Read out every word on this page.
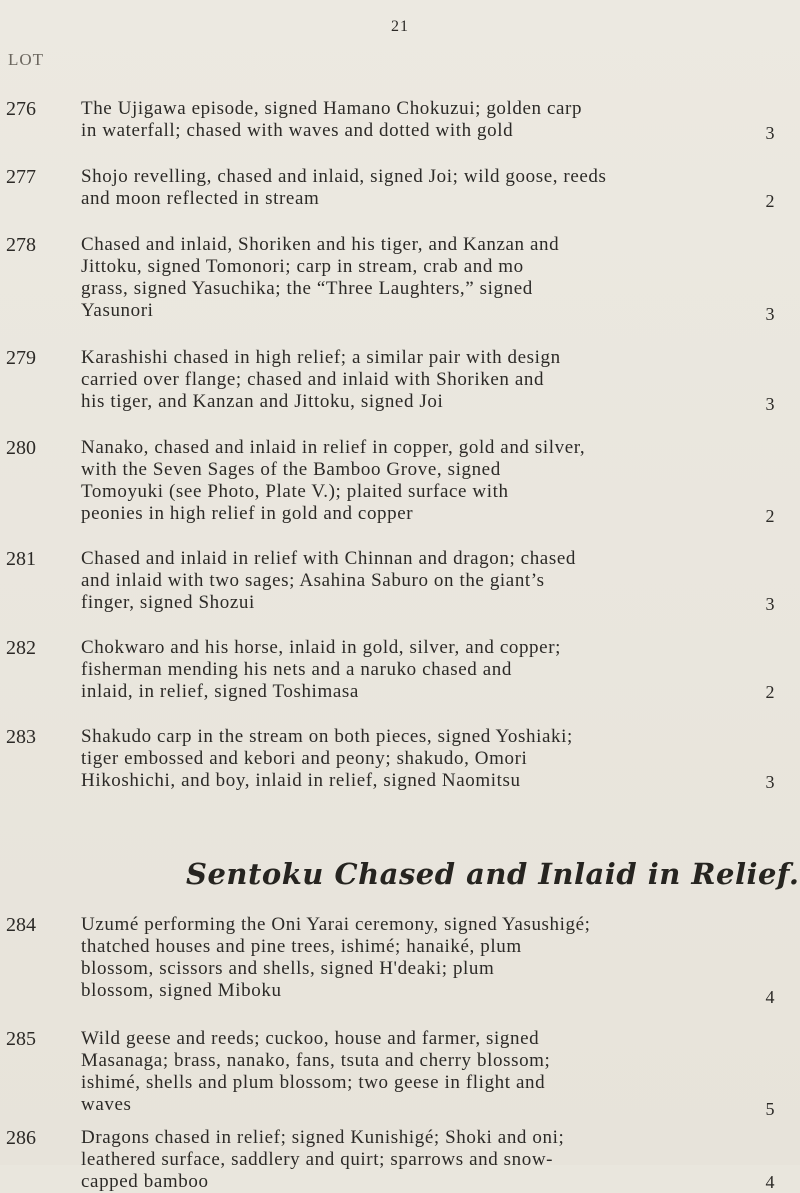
21
LOT
276 The Ujigawa episode, signed Hamano Chokuzui; golden carp
in waterfall; chased with waves and dotted with gold	3
277 Shojo revelling, chased and inlaid, signed Joi; wild goose, reeds
and moon reflected in stream	2
278 Chased and inlaid, Shoriken and his tiger, and Kanzan and
Jittoku, signed Tomonori; carp in stream, crab and mo
grass, signed Yasuchika; the “Three Laughters,” signed
Yasunori	3
279 Karashishi chased in high relief; a similar pair with design
carried over flange; chased and inlaid with Shoriken and
his tiger, and Kanzan and Jittoku, signed Joi	3
280 Nanako, chased and inlaid in relief in copper, gold and silver,
with the Seven Sages of the Bamboo Grove, signed
Tomoyuki (see Photo, Plate V.); plaited surface with
peonies in high relief in gold and copper	2
281 Chased and inlaid in relief with Chinnan and dragon; chased
and inlaid with two sages; Asahina Saburo on the giant’s
finger, signed Shozui	3
282 Chokwaro and his horse, inlaid in gold, silver, and copper;
fisherman mending his nets and a naruko chased and
inlaid, in relief, signed Toshimasa	2
283 Shakudo carp in the stream on both pieces, signed Yoshiaki;
tiger embossed and kebori and peony; shakudo, Omori
Hikoshichi, and boy, inlaid in relief, signed Naomitsu	3
Sentoku Chased and Inlaid in Relief.
284 Uzumé performing the Oni Yarai ceremony, signed Yasushigé;
thatched houses and pine trees, ishimé; hanaiké, plum
blossom, scissors and shells, signed H'deaki; plum
blossom, signed Miboku	4
285 Wild geese and reeds; cuckoo, house and farmer, signed
Masanaga; brass, nanako, fans, tsuta and cherry blossom;
ishimé, shells and plum blossom; two geese in flight and
waves	5
286 Dragons chased in relief; signed Kunishigé; Shoki and oni;
leathered surface, saddlery and quirt; sparrows and snow-
capped bamboo	4
